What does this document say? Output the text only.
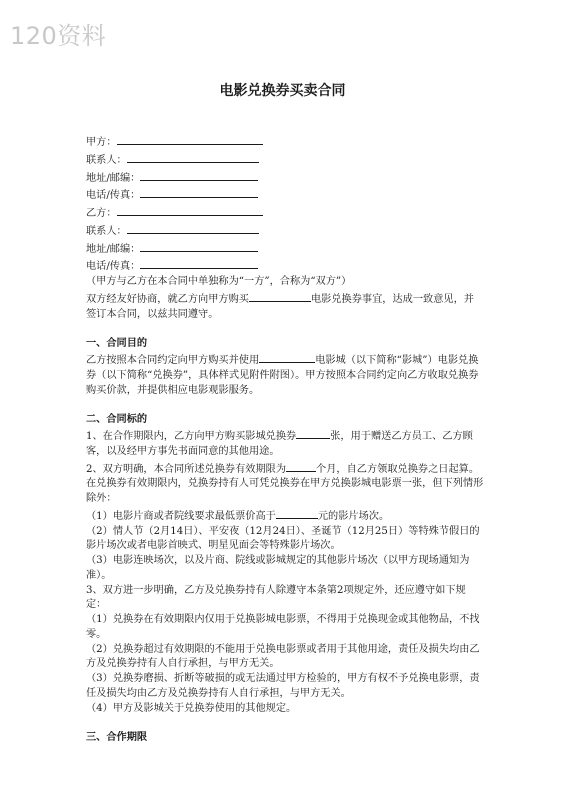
120资料
电影兑换券买卖合同
甲方：
联系人：
地址/邮编：
电话/传真：
乙方：
联系人：
地址/邮编：
电话/传真：
（甲方与乙方在本合同中单独称为“一方”，合称为“双方”）
双方经友好协商，就乙方向甲方购买	电影兑换券事宜，达成一致意见，并签订本合同，以兹共同遵守。
一、合同目的
乙方按照本合同约定向甲方购买并使用	电影城（以下简称“影城”）电影兑换券（以下简称“兑换券”，具体样式见附件附图）。甲方按照本合同约定向乙方收取兑换券购买价款，并提供相应电影观影服务。
二、合同标的
1、在合作期限内，乙方向甲方购买影城兑换券	张，用于赠送乙方员工、乙方顾客，以及经甲方事先书面同意的其他用途。
2、双方明确，本合同所述兑换券有效期限为	个月，自乙方领取兑换券之日起算。在兑换券有效期限内，兑换券持有人可凭兑换券在甲方兑换影城电影票一张，但下列情形除外：
（1）电影片商或者院线要求最低票价高于	元的影片场次。
（2）情人节（2月14日）、平安夜（12月24日）、圣诞节（12月25日）等特殊节假日的影片场次或者电影首映式、明星见面会等特殊影片场次。
（3）电影连映场次，以及片商、院线或影城规定的其他影片场次（以甲方现场通知为准）。
3、双方进一步明确，乙方及兑换券持有人除遵守本条第2项规定外，还应遵守如下规定：
（1）兑换券在有效期限内仅用于兑换影城电影票，不得用于兑换现金或其他物品，不找零。
（2）兑换券超过有效期限的不能用于兑换电影票或者用于其他用途，责任及损失均由乙方及兑换券持有人自行承担，与甲方无关。
（3）兑换券磨损、折断等破损的或无法通过甲方检验的，甲方有权不予兑换电影票，责任及损失均由乙方及兑换券持有人自行承担，与甲方无关。
（4）甲方及影城关于兑换券使用的其他规定。
三、合作期限
